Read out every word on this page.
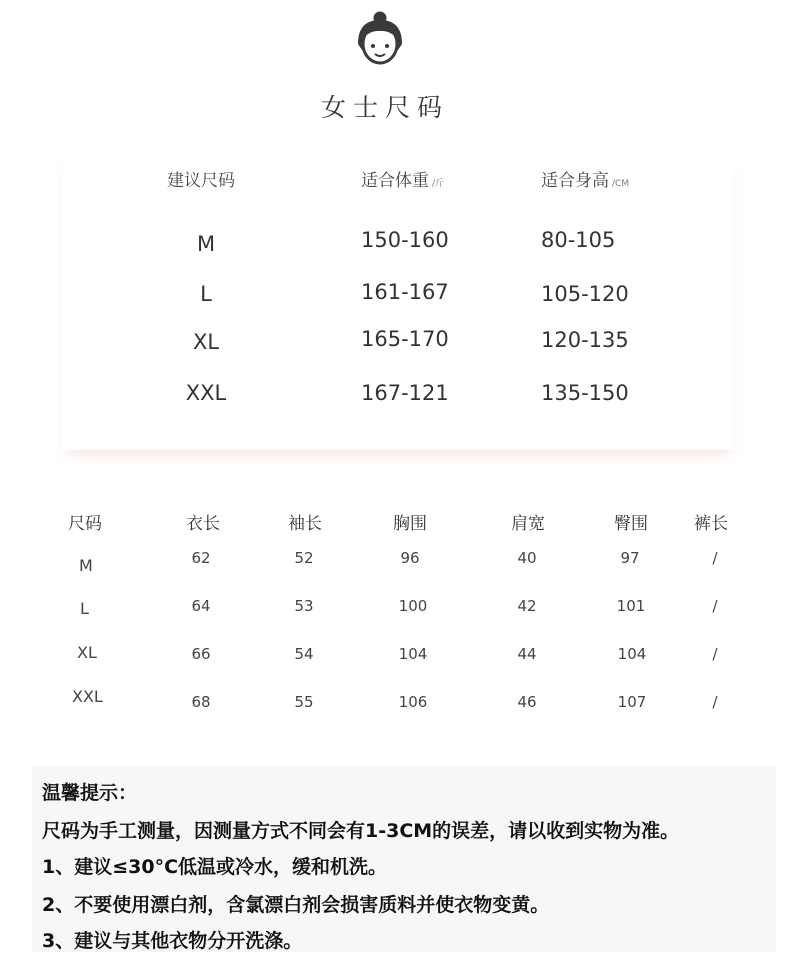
女士尺码
建议尺码	适合体重 /斤	适合身高 /CM
M	150-160	80-105
L	161-167	105-120
XL	165-170	120-135
XXL	167-121	135-150
尺码	衣长	袖长	胸围	肩宽	臀围	裤长
M	62	52	96	40	97	/
L	64	53	100	42	101	/
XL	66	54	104	44	104	/
XXL	68	55	106	46	107	/
温馨提示：
尺码为手工测量，因测量方式不同会有1-3CM的误差，请以收到实物为准。
1、建议≤30°C低温或冷水，缓和机洗。
2、不要使用漂白剂，含氯漂白剂会损害质料并使衣物变黄。
3、建议与其他衣物分开洗涤。
